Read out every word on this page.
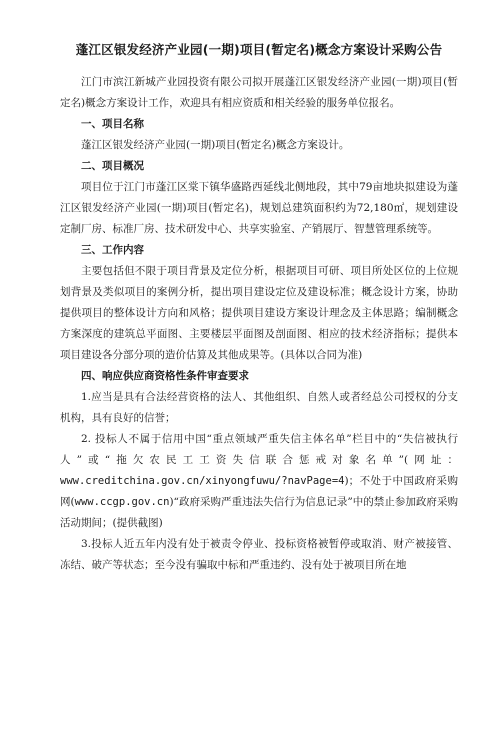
蓬江区银发经济产业园(一期)项目(暂定名)概念方案设计采购公告

江门市滨江新城产业园投资有限公司拟开展蓬江区银发经济产业园(一期)项目(暂定名)概念方案设计工作，欢迎具有相应资质和相关经验的服务单位报名。

一、项目名称

蓬江区银发经济产业园(一期)项目(暂定名)概念方案设计。

二、项目概况

项目位于江门市蓬江区棠下镇华盛路西延线北侧地段，其中79亩地块拟建设为蓬江区银发经济产业园(一期)项目(暂定名)，规划总建筑面积约为72,180㎡，规划建设定制厂房、标准厂房、技术研发中心、共享实验室、产销展厅、智慧管理系统等。

三、工作内容

主要包括但不限于项目背景及定位分析，根据项目可研、项目所处区位的上位规划背景及类似项目的案例分析，提出项目建设定位及建设标准；概念设计方案，协助提供项目的整体设计方向和风格；提供项目建设方案设计理念及主体思路；编制概念方案深度的建筑总平面图、主要楼层平面图及剖面图、相应的技术经济指标；提供本项目建设各分部分项的造价估算及其他成果等。(具体以合同为准)

四、响应供应商资格性条件审查要求

1.应当是具有合法经营资格的法人、其他组织、自然人或者经总公司授权的分支机构，具有良好的信誉；

2. 投标人不属于信用中国“重点领域严重失信主体名单”栏目中的“失信被执行人”或“拖欠农民工工资失信联合惩戒对象名单”(网址：www.creditchina.gov.cn/xinyongfuwu/?navPage=4)；不处于中国政府采购网(www.ccgp.gov.cn)“政府采购严重违法失信行为信息记录”中的禁止参加政府采购活动期间；(提供截图)

3.投标人近五年内没有处于被责令停业、投标资格被暂停或取消、财产被接管、冻结、破产等状态；至今没有骗取中标和严重违约、没有处于被项目所在地
